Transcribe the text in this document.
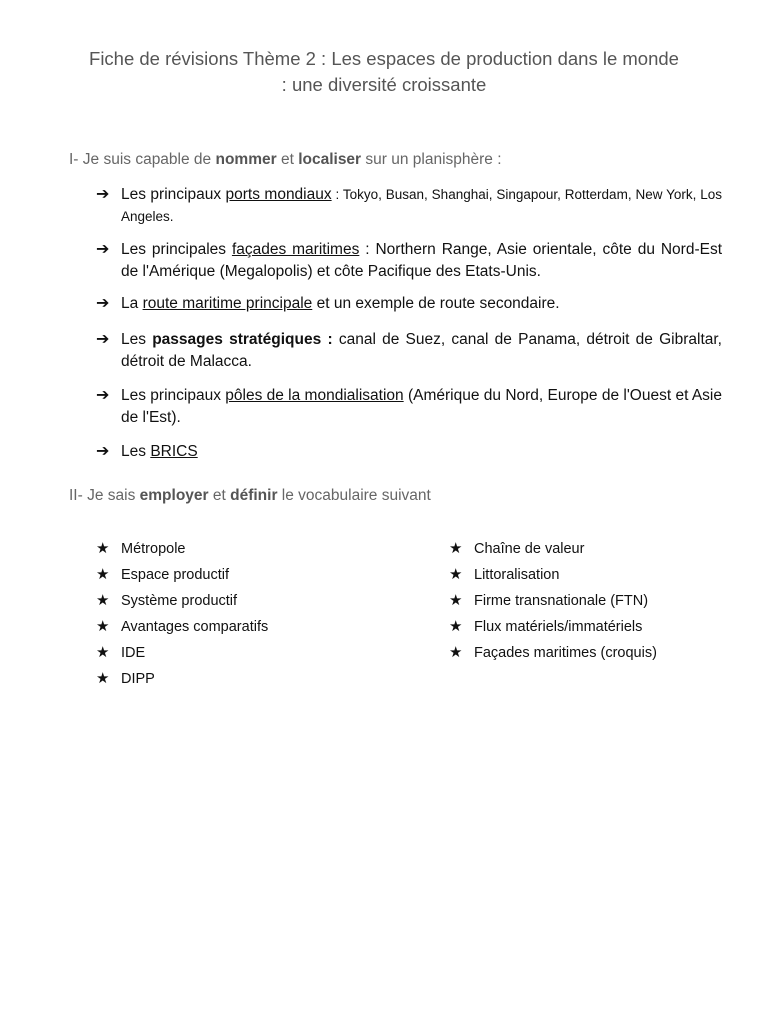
Fiche de révisions Thème 2 : Les espaces de production dans le monde
: une diversité croissante
I- Je suis capable de nommer et localiser sur un planisphère :
➔ Les principaux ports mondiaux : Tokyo, Busan, Shanghai, Singapour, Rotterdam, New York, Los Angeles.
➔ Les principales façades maritimes : Northern Range, Asie orientale, côte du Nord-Est de l'Amérique (Megalopolis) et côte Pacifique des Etats-Unis.
➔ La route maritime principale et un exemple de route secondaire.
➔ Les passages stratégiques : canal de Suez, canal de Panama, détroit de Gibraltar, détroit de Malacca.
➔ Les principaux pôles de la mondialisation (Amérique du Nord, Europe de l'Ouest et Asie de l'Est).
➔ Les BRICS
II- Je sais employer et définir le vocabulaire suivant
★ Métropole
★ Espace productif
★ Système productif
★ Avantages comparatifs
★ IDE
★ DIPP
★ Chaîne de valeur
★ Littoralisation
★ Firme transnationale (FTN)
★ Flux matériels/immatériels
★ Façades maritimes (croquis)
